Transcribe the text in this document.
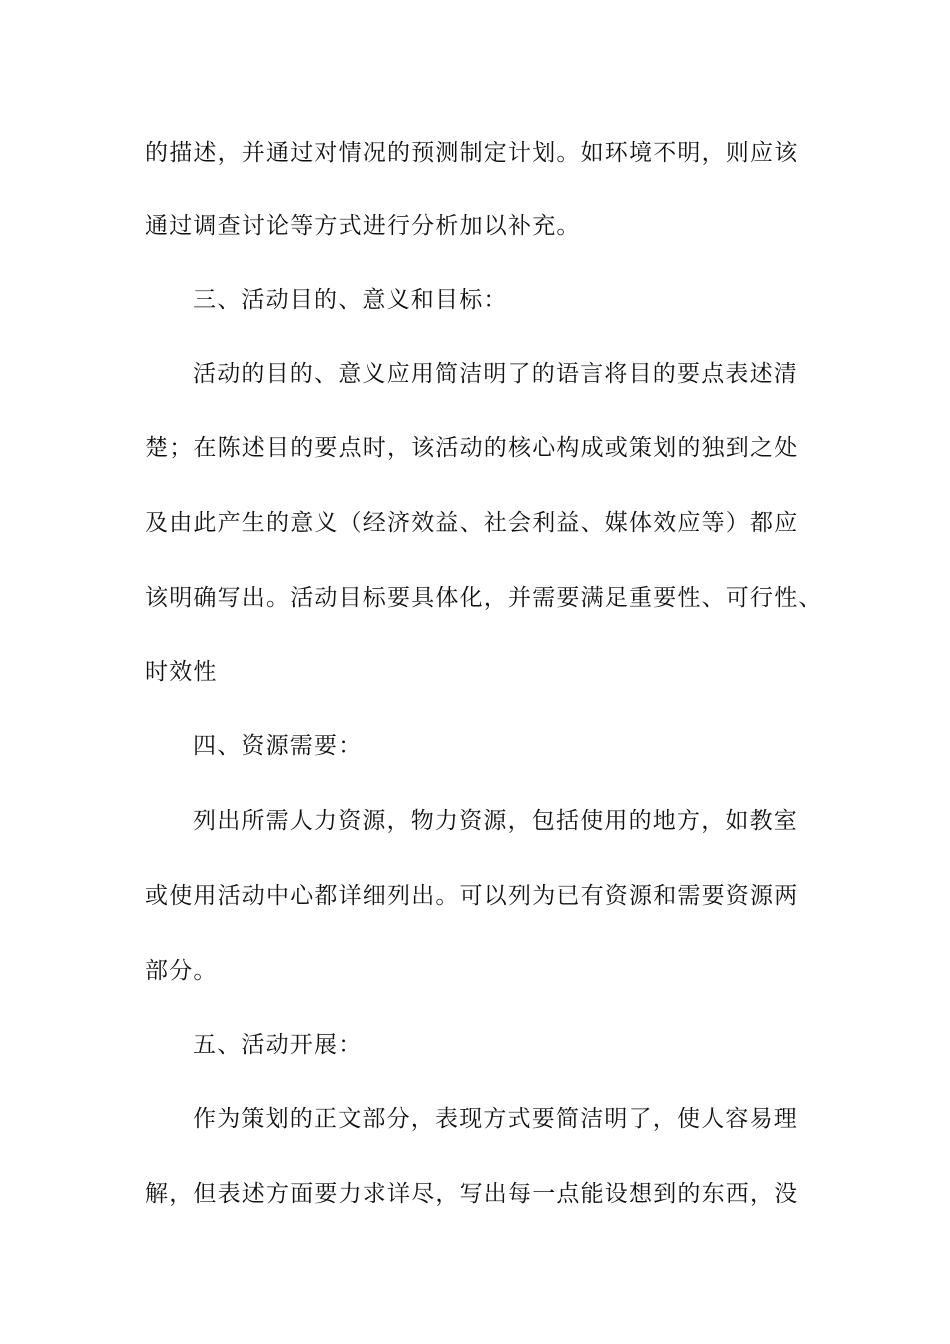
的描述，并通过对情况的预测制定计划。如环境不明，则应该
通过调查讨论等方式进行分析加以补充。
三、活动目的、意义和目标：
活动的目的、意义应用简洁明了的语言将目的要点表述清
楚；在陈述目的要点时，该活动的核心构成或策划的独到之处
及由此产生的意义（经济效益、社会利益、媒体效应等）都应
该明确写出。活动目标要具体化，并需要满足重要性、可行性、
时效性
四、资源需要：
列出所需人力资源，物力资源，包括使用的地方，如教室
或使用活动中心都详细列出。可以列为已有资源和需要资源两
部分。
五、活动开展：
作为策划的正文部分，表现方式要简洁明了，使人容易理
解，但表述方面要力求详尽，写出每一点能设想到的东西，没
